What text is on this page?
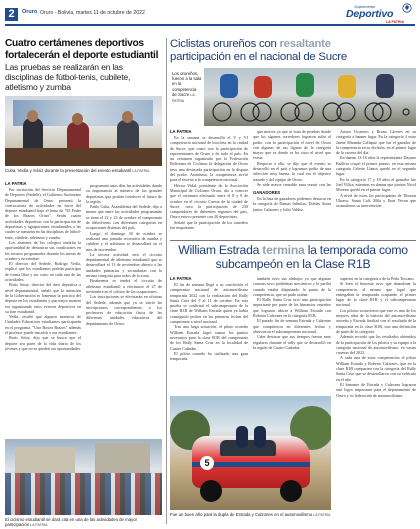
2	Oruro Oruro - Bolivia, martes 11 de octubre de 2022
Suplemento
Deportivo
LA PATRIA
Cuatro certámenes deportivos fortalecerán el deporte estudiantil
Las pruebas se realizarán en las disciplinas de fútbol-tenis, cubilete, atletismo y zumba
Cuba, Vedia y Sósiz durante la presentación del evento estudiantil LA PATRIA
LA PATRIA

Por invitación del Servicio Departamental de Deportes (Sedede), el Gobierno Autónomo Departamental de Oruro presentó la convocatoria de actividades en favor del deporte estudiantil bajo el lema de "El Poder de los Brazos Oruro". Serán cuatro actividades deportivas con la participación de deportistas y agrupaciones estudiantiles a las cuales se sumarán en las disciplinas de fútbol-tenis, cubilete, atletismo y zumba.

Los alumnos de los colegios tendrán la oportunidad de demostrar sus condiciones en los torneos programados durante los meses de octubre y noviembre.

El director del Sedede, Rodrigo Vedia, explicó que los estudiantes podrán participar de forma libre y sin costo en cada una de las actividades.

Boris Sósiz, director del área deportiva a nivel departamental, señaló que la intención de la Gobernación es fomentar la práctica del deporte en los estudiantes y que mejor manera era organizando estos eventos deportivos en su fase estudiantil.

Vedia, resaltó que algunos maestros de Unidades Educativas estudiantes participarán en el programa. "Uno Boxeo Brazos" además el profesor puede inscribir a sus estudiantes.

Boris Sósiz, dijo que se busca que el deporte sea parte de la vida diaria de los jóvenes y que no se queden sin oportunidades.

programará unos días las actividades dando su importancia al número de las grandes deportistas que podrán fortalecer el futuro de la región.

Pablo Cuba, Asambleísta del Sedede, dijo a menor que entre las actividades programadas se tiene el 22 y 23 de octubre el campeonato de fútbol-tenis con diferentes categorías en ocupaciones distintas del país.

Luego, el domingo 30 de octubre se realizará una jornada recreativa de zumba y cubilete y el atletismo se desarrollará en el mes de noviembre.

La tercera actividad será el circuito departamental de atletismo estudiantil que se desarrollará el 13 de noviembre abierto a las unidades primarias y secundarias con la misma categoría para todos de la zona.

Finalmente se tendrá el circuito de atletismo estudiantil a efectuarse el 27 de noviembre en el coliseo de las ocupaciones.

Los inscripciones se efectuarán en oficinas del Sedede, además que ya se inició las inscripciones correspondientes a los profesores de educación física de las diferentes unidades educativas del departamento de Oruro.

El cicismo estudiantil se dará cita en una de las actividades de mayor participación LA PATRIA
Ciclistas orureños con resaltante
participación en el nacional de Sucre
Los orureños, fueron a la sala en la competencia de Sucre LA PATRIA
LA PATRIA

En la semana se desarrolló el V y VI competencia nacional de bicicleta en la ciudad de Sucre, que contó con la participación de representantes de Oruro y de todo el país. En un certamen organizado por la Federación Boliviana de Ciclismo la delegación de Oruro tuvo una destacada participación en la disputa del podio. Asimismo, la competencia sirvió para el retorno a la competencia nacional.

Héctor Vidal, presidente de la Asociación Municipal de Ciclismo Oruro, dio a conocer que el certamen efectuado entre el 8 y 9 de octubre en el circuito Cuesta de la ciudad de Sucre, tuvo la participación de 230 competidores de diferentes regiones del país. Oruro estuvo presente con 20 deportistas.

Señaló que la participación de los orureños fue importante.

que motiva ya que se trata de pruebas donde que los algunos corredores lograron subir al podio, con la participación el nivel de Oruro con algunas de sus figuras de la categoría mayor que es donde se ha visto el nivel que existe.

Respecto a ello, se dijo que el evento se desarrolló en el país y logramos podio de una selección muy buena, lo cual era el objetivo trazado y del equipo de Oruro.

Se pide mayor respaldo para seguir con las

GANADORES

En la lista de ganadores podemos destacar en la categoría de Damas Infinitas, Dobles Ainsa junior Calzones y Julio Valdez.

Arturo Ocureros y Bruno Cáceres en su categoría a banner lugar. En la categoría 4 estar Jaime Miranda Collapaz que fue el ganador de la competencia en su división, en el primer lugar de la carrera del día.

En damas 13-16 años la representante Dayana Ballivia ocupó el primer puesto, en esta misma categoría Celeste Llanos quedó en el segundo lugar.

En la categoría 17 y 18 años el ganador fue Joel Villca, mientras en damas que juniors Nicol Moreno quedó en el primer lugar.

A nivel de estos los participantes de Tiburon Ukravo, Santa Cali, Mila y Jhon Vevan que acumularon su intervención.

William Estrada termina la temporada como subcampeón en la Clase R1B
LA PATRIA

El fin de semana llegó a su conclusión el campeonato nacional de automovilismo temporada 2022 con la realización del Rally Santa Cruz del 9 al 11 de octubre. En esta prueba se confirmó el subcampeonato de la clase R1B de William Estrada quien ya había conseguido podios en las primeras fechas del campeonato a nivel nacional.

Tras una larga actuación, el piloto orureño William Estrada logró sumar los puntos necesarios para la clase R1B del campeonato de los Rally Santa Cruz en la localidad de Cuatro Cañadas.

El piloto orureño ha realizado una gran temporada.

también tuvo sus altibajos ya que algunas carreras tuvo problemas mecánicos y lo perdió cuando estaba disputando la punta de la competencia, que no pudo acabar.

El Rally Santa Cruz tuvo una participación importante por parte de los binomios orureños que lograron ubicar a William Estrada con Roberto Calzones en la categoría R1B.

El pasado fin de semana Estrada y Calzones que compitieron en diferentes fechas y obtuvieron el subcampeonato nacional.

Cabe destacar que sus tiempos fueron muy regulares durante el rally que se desarrolló en la región de Cuatro Cañadas.

superior en la categoría a de la Peña Toscano.

Si bien el binomio tuvo que abandonar la competencia, el mismo que logró que entregaban la temporada ocupando el primer lugar de la clase R1B y el subcampeonato nacional.

Los pilotos sostuvieron que este es uno de los mejores años de la historia del automovilismo orureño y Estrada finalizó con el resultado de la temporada en la clase R1B, tras una definición de parte de la categoría.

Además recordó que los resultados obtenidos de la participación de los pilotos y su equipo a la categoría nacional de automovilismo, en varias carreras del 2022.

A cada una de estas competencias el piloto William Estrada y Roberto Calzones, que en la clase R1B comparten con la categoría del Rally Santa Cruz que se desarrollaron con su vehículo en el año.

El binomio de Estrada y Calzones lograron este logro importante para el departamento de Oruro y su federación de automovilismo.

5
Fue un buen año para la dupla de Estrada y Calzones en el automovilismo LA PATRIA
